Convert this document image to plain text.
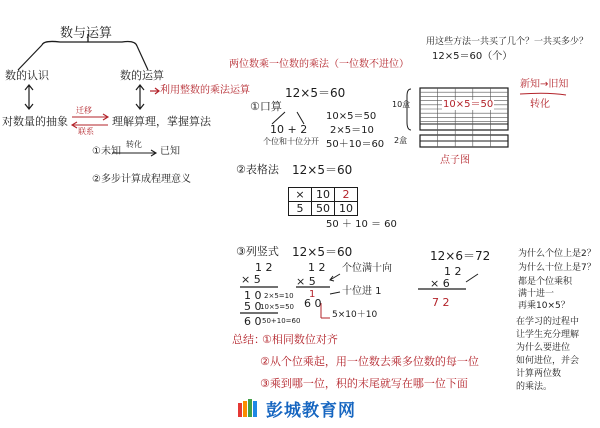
数与运算
数的认识	数的运算
利用整数的乘法运算
迁移
联系
对数量的抽象	理解算理，掌握算法
①未知
转化
已知
②多步计算成程理意义
两位数乘一位数的乘法（一位数不进位）
①口算
12×5＝60
10×5＝50
2×5＝10
50＋10＝60
10 + 2
个位和十位分开
②表格法 12×5＝60
×	10	2
5	50	10
50 ＋ 10 ＝ 60
③列竖式 12×5＝60
1 2
× 5
1 0
5 0
6 0
2×5=10
10×5=50
50+10=60
1 2
× 5
1
6 0
5×10＋10
个位满十向
十位进 1
总结：
①相同数位对齐
②从个位乘起，用一位数去乘多位数的每一位
③乘到哪一位，积的末尾就写在哪一位下面
用这些方法一共买了几个？一共买多少？
12×5＝60（个）
10盒
2盒
10×5＝50
新知→旧知
转化
点子图
12×6＝72
1 2
× 6
7 2
为什么个位上是2？
为什么十位上是7？
都是个位乘积
满十进一
再乘10×5？
在学习的过程中
让学生充分理解
为什么要进位
如何进位，并会
计算两位数
的乘法。
彭城教育网
